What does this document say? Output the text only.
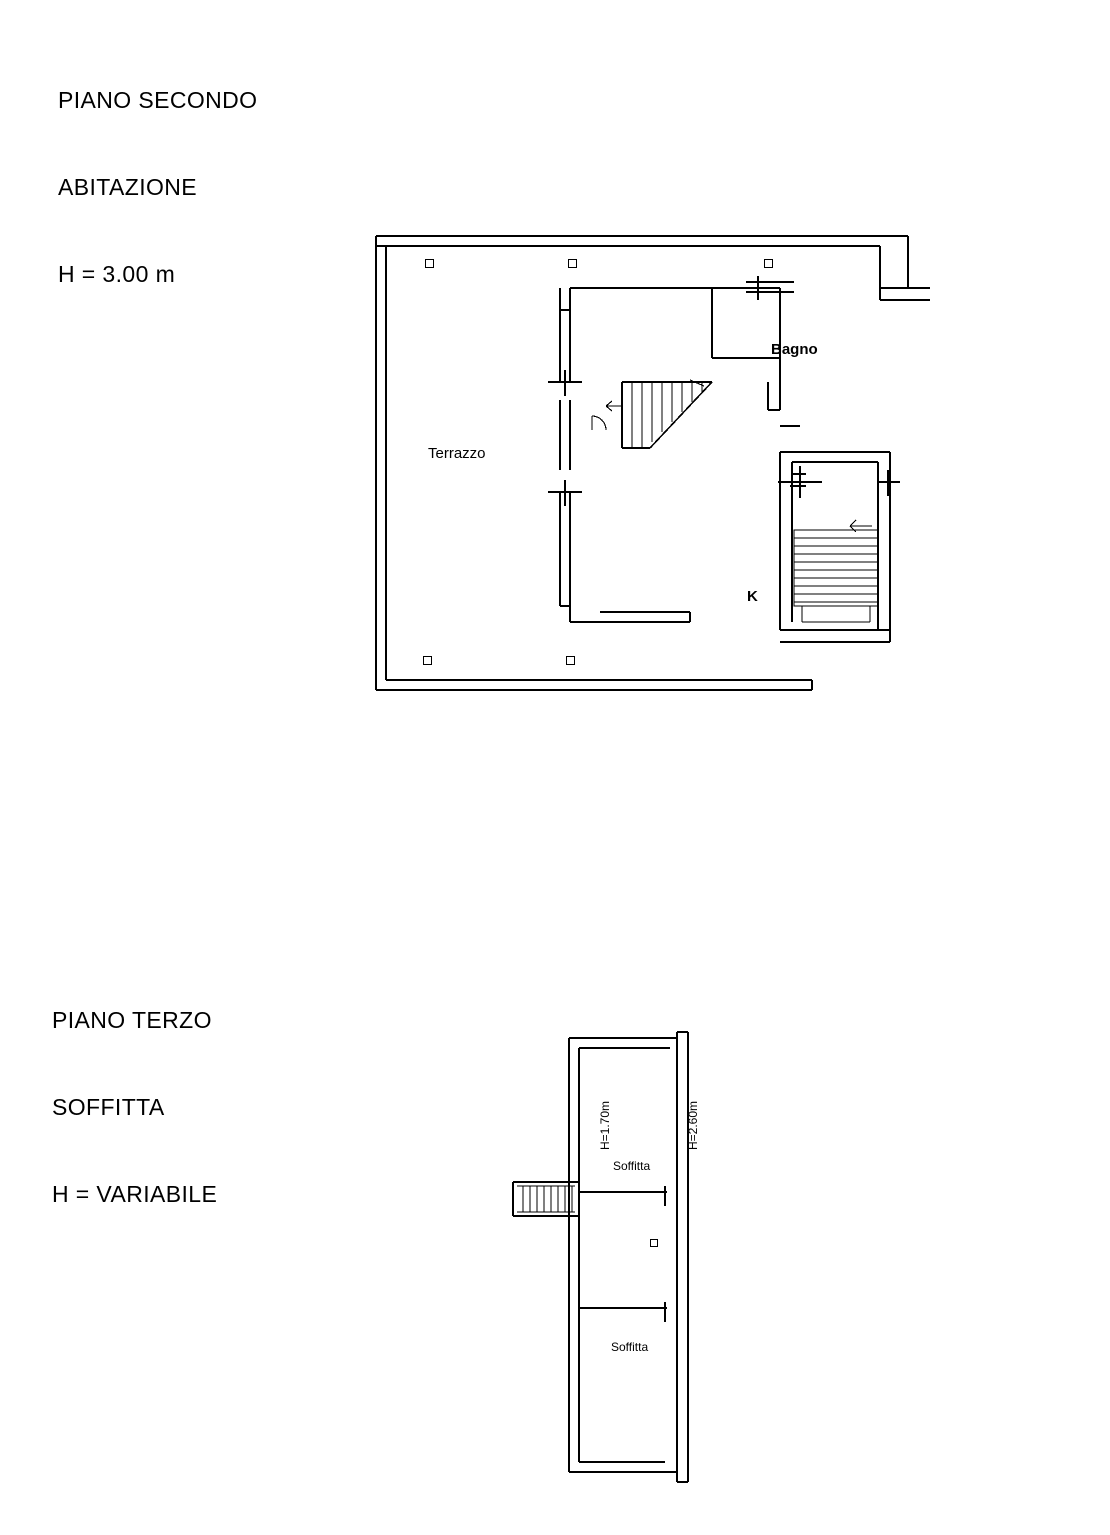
PIANO SECONDO

ABITAZIONE

H = 3.00 m

Terrazzo
Bagno
K

PIANO TERZO

SOFFITTA

H = VARIABILE

H=1.70m	H=2.60m
Soffitta
Soffitta
